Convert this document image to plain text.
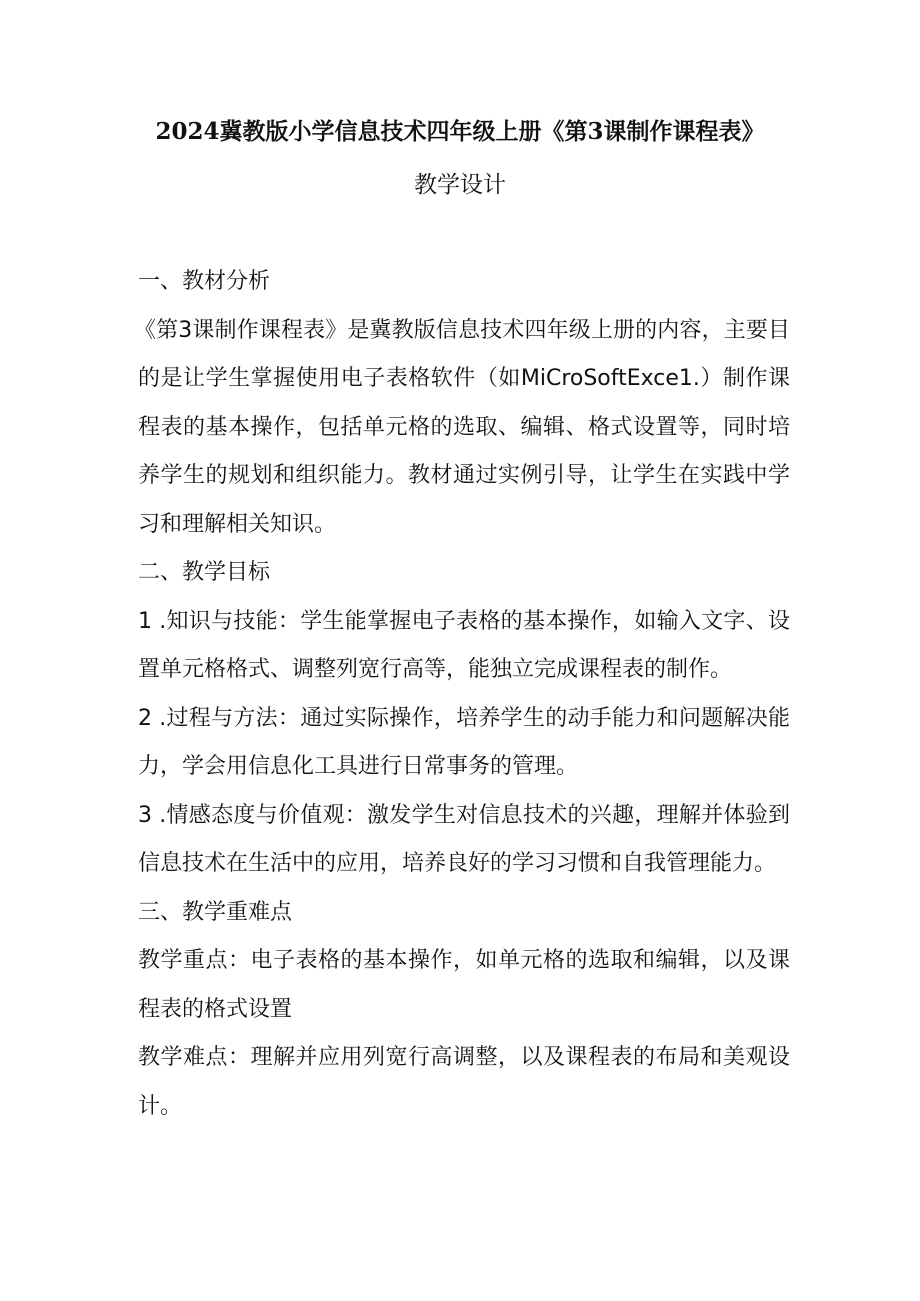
2024冀教版小学信息技术四年级上册《第3课制作课程表》
教学设计

一、教材分析

《第3课制作课程表》是冀教版信息技术四年级上册的内容，主要目的是让学生掌握使用电子表格软件（如MiCroSoftExce1.）制作课程表的基本操作，包括单元格的选取、编辑、格式设置等，同时培养学生的规划和组织能力。教材通过实例引导，让学生在实践中学习和理解相关知识。

二、教学目标

1 .知识与技能：学生能掌握电子表格的基本操作，如输入文字、设置单元格格式、调整列宽行高等，能独立完成课程表的制作。

2 .过程与方法：通过实际操作，培养学生的动手能力和问题解决能力，学会用信息化工具进行日常事务的管理。

3 .情感态度与价值观：激发学生对信息技术的兴趣，理解并体验到信息技术在生活中的应用，培养良好的学习习惯和自我管理能力。

三、教学重难点

教学重点：电子表格的基本操作，如单元格的选取和编辑，以及课程表的格式设置

教学难点：理解并应用列宽行高调整，以及课程表的布局和美观设计。
